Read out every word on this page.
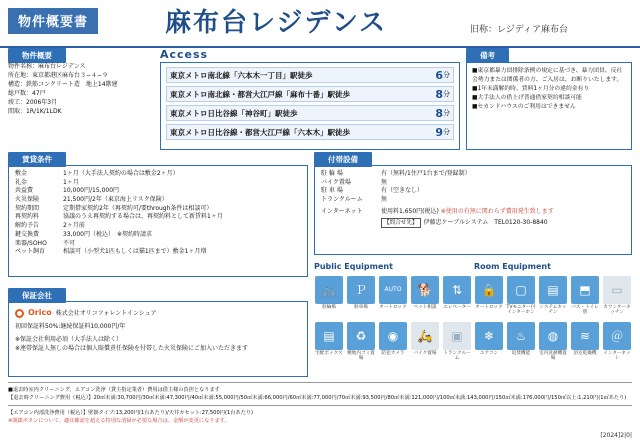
物件概要書	麻布台レジデンス	旧称：レジディア麻布台
物件概要
物件名称：麻布台レジデンス
所在地：東京都港区麻布台３−４−９
構造：鉄筋コンクリート造　地上14階建
総戸数：47戸
竣工：2006年3月
間取：1R/1K/1LDK
Access
東京メトロ南北線「六本木一丁目」駅徒歩	6 分
東京メトロ南北線・都営大江戸線「麻布十番」駅徒歩	8 分
東京メトロ日比谷線「神谷町」駅徒歩	8 分
東京メトロ日比谷線・都営大江戸線「六本木」駅徒歩	9 分
備考
■東京都暴力団排除条例の規定に基づき、暴力団員、反社会勢力または関係者の方、ご入居は、お断りいたします。
■1年未満解約時、賃料1ヶ月分の違約金有り
■大手法人の借上げ普通借家契約相談可能
■セカンドハウスのご利用はできません
賃貸条件
敷金	1ヶ月（大手法人契約の場合は敷金2ヶ月）
礼金	1ヶ月
共益費	10,000円/15,000円
火災保険	21,500円/2年（東京海上リスク保険）
契約期間	定期借家契約2年（再契約可/要through条件は相談可）
再契約料	協議のうえ再契約する場合は、再契約料として新賃料1ヶ月
解約予告	2ヶ月前
鍵交換費	33,000円（税込）　※契約時請求
楽器/SOHO	不可
ペット飼育	相談可（小型犬1匹もしくは猫1匹まで）敷金1ヶ月増
保証会社
Orico 株式会社オリコフォレントインシュア
初回保証料50%:継続保証料10,000円/年
※保証会社利用必須（大手法人は除く）
※連帯保証人無しの場合は個人賠償責任保険を付帯した火災保険にご加入いただきます
付帯設備
駐 輪 場	有（無料/1住戸1台まで/登録制）
バイク置場	無
駐 車 場	有（空きなし）
トランクルーム	無
インターネット	使用料1,650円(税込) ※使用の有無に関わらず費用発生致します
【問合せ先】	伊藤忠ケーブルシステム　TEL0120-30-8840
Public Equipment
🚲
駐輪場
Ｐ
駐車場
AUTO
オートロック
🐕
ペット相談
⇅
エレベーター
▤
宅配ボックス
♻
敷地内ゴミ置場
◉
防犯カメラ
🛵
バイク置場
▣
トランクルーム
Room Equipment
🔒
オートロック
▢
TVモニター付インターホン
▤
システムキッチン
⬒
バス・トイレ別
▭
カウンターキッチン
❄
エアコン
♨
追焚機能
◍
室内洗濯機置場
≋
浴室乾燥機
＠
インターネット
■退去時室内クリーニング、エアコン洗浄（貸主指定業者）費用は借主様の負担となります
【退去時クリーニング費用（税込）】20㎡未満:30,700円/30㎡未満:47,300円/40㎡未満:55,000円/50㎡未満:66,000円/60㎡未満:77,000円/70㎡未満:93,500円/80㎡未満:121,000円/100㎡未満:143,000円/150㎡未満:176,000円/150㎡以上:1,210円(1㎡あたり)
【エアコン内部洗浄費用（税込）】壁掛タイプ:13,200円(1台あたり)/天井カセット:27,500円(1台あたり)
※閉鎖ボタンについて、適宜確認を超える特別な清掃が必要な場合は、金額が変更になります。
[2024]2|0|
